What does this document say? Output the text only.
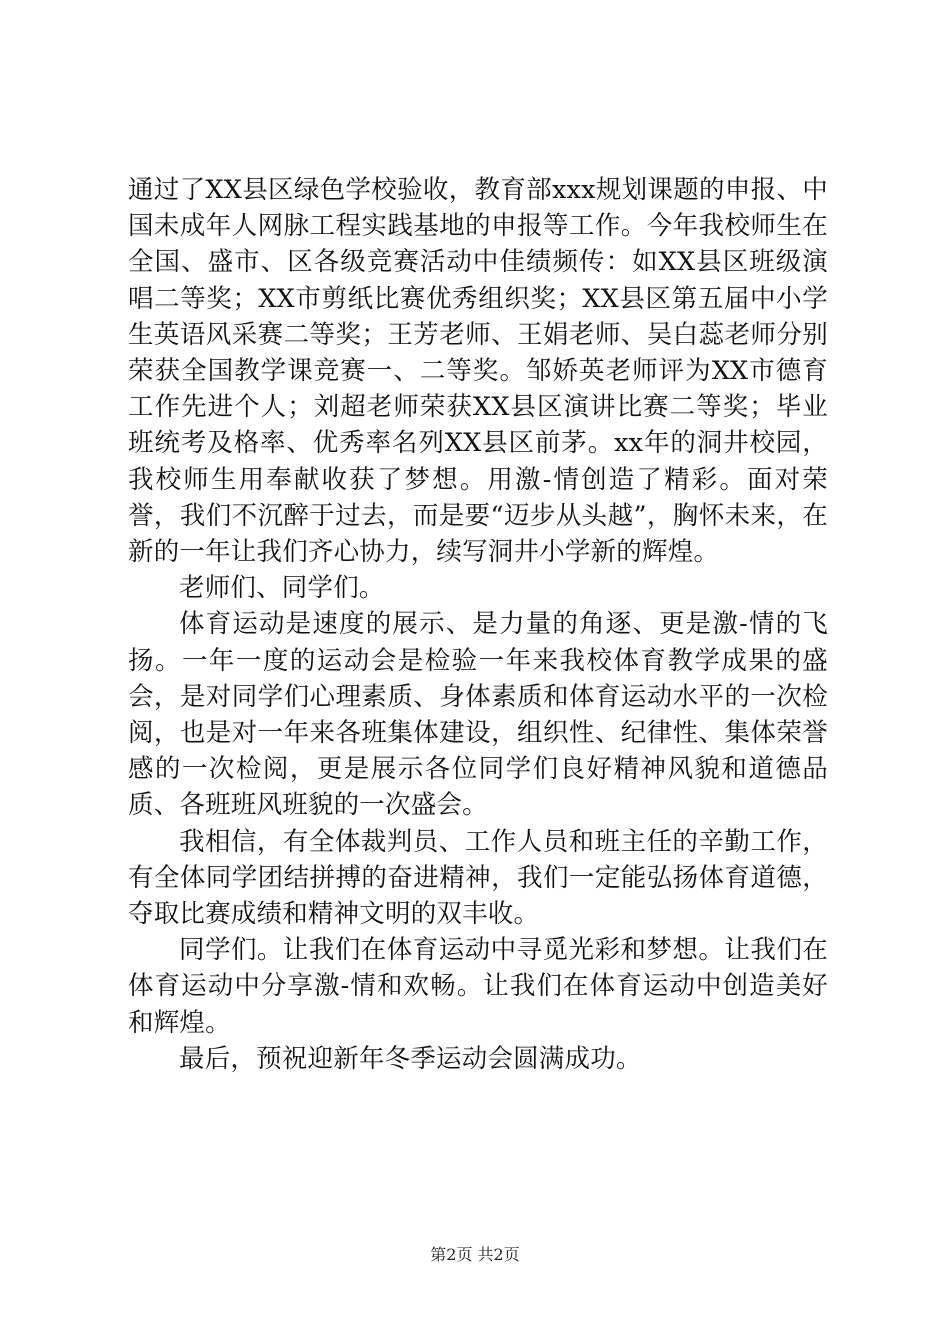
通过了XX县区绿色学校验收，教育部xxx规划课题的申报、中国未成年人网脉工程实践基地的申报等工作。今年我校师生在全国、盛市、区各级竞赛活动中佳绩频传：如XX县区班级演唱二等奖；XX市剪纸比赛优秀组织奖；XX县区第五届中小学生英语风采赛二等奖；王芳老师、王娟老师、吴白蕊老师分别荣获全国教学课竞赛一、二等奖。邹娇英老师评为XX市德育工作先进个人；刘超老师荣获XX县区演讲比赛二等奖；毕业班统考及格率、优秀率名列XX县区前茅。xx年的洞井校园，我校师生用奉献收获了梦想。用激-情创造了精彩。面对荣誉，我们不沉醉于过去，而是要“迈步从头越”，胸怀未来，在新的一年让我们齐心协力，续写洞井小学新的辉煌。

老师们、同学们。

体育运动是速度的展示、是力量的角逐、更是激-情的飞扬。一年一度的运动会是检验一年来我校体育教学成果的盛会，是对同学们心理素质、身体素质和体育运动水平的一次检阅，也是对一年来各班集体建设，组织性、纪律性、集体荣誉感的一次检阅，更是展示各位同学们良好精神风貌和道德品质、各班班风班貌的一次盛会。

我相信，有全体裁判员、工作人员和班主任的辛勤工作，有全体同学团结拼搏的奋进精神，我们一定能弘扬体育道德，夺取比赛成绩和精神文明的双丰收。

同学们。让我们在体育运动中寻觅光彩和梦想。让我们在体育运动中分享激-情和欢畅。让我们在体育运动中创造美好和辉煌。

最后，预祝迎新年冬季运动会圆满成功。

第2页 共2页
